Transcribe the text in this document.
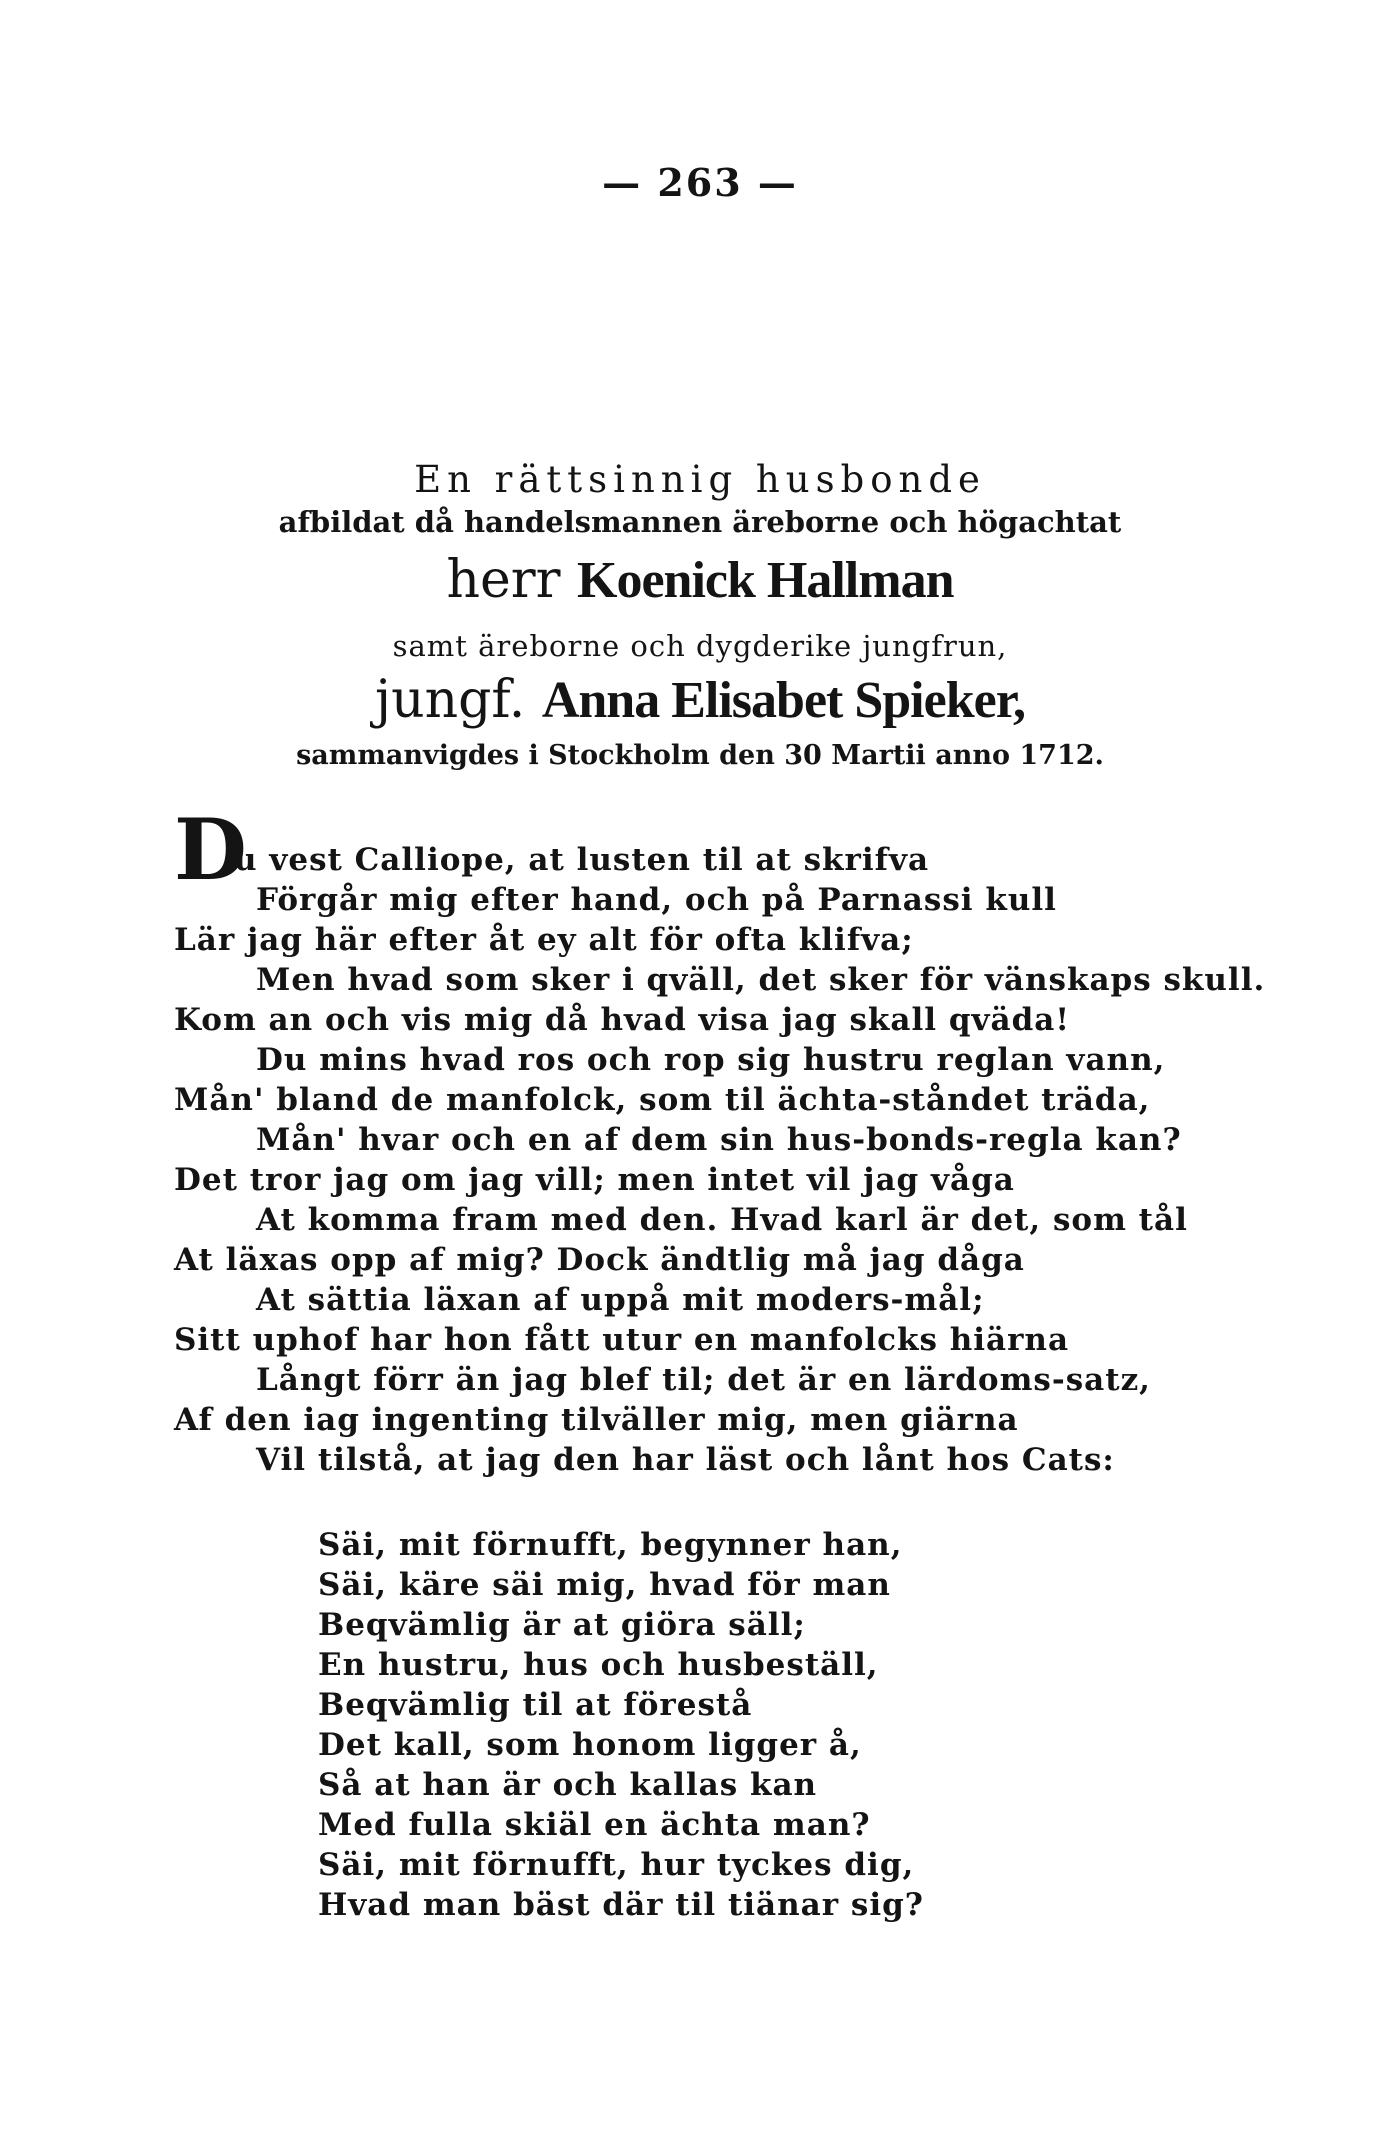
— 263 —
En rättsinnig husbonde
afbildat då handelsmannen äreborne och högachtat
herr Koenick Hallman
samt äreborne och dygderike jungfrun,
jungf. Anna Elisabet Spieker,
sammanvigdes i Stockholm den 30 Martii anno 1712.
D
u vest Calliope, at lusten til at skrifva
Förgår mig efter hand, och på Parnassi kull
Lär jag här efter åt ey alt för ofta klifva;
Men hvad som sker i qväll, det sker för vänskaps skull.
Kom an och vis mig då hvad visa jag skall qväda!
Du mins hvad ros och rop sig hustru reglan vann,
Mån' bland de manfolck, som til ächta-ståndet träda,
Mån' hvar och en af dem sin hus-bonds-regla kan?
Det tror jag om jag vill; men intet vil jag våga
At komma fram med den. Hvad karl är det, som tål
At läxas opp af mig? Dock ändtlig må jag dåga
At sättia läxan af uppå mit moders-mål;
Sitt uphof har hon fått utur en manfolcks hiärna
Långt förr än jag blef til; det är en lärdoms-satz,
Af den iag ingenting tilväller mig, men giärna
Vil tilstå, at jag den har läst och lånt hos Cats:
Säi, mit förnufft, begynner han,
Säi, käre säi mig, hvad för man
Beqvämlig är at giöra säll;
En hustru, hus och husbeställ,
Beqvämlig til at förestå
Det kall, som honom ligger å,
Så at han är och kallas kan
Med fulla skiäl en ächta man?
Säi, mit förnufft, hur tyckes dig,
Hvad man bäst där til tiänar sig?
